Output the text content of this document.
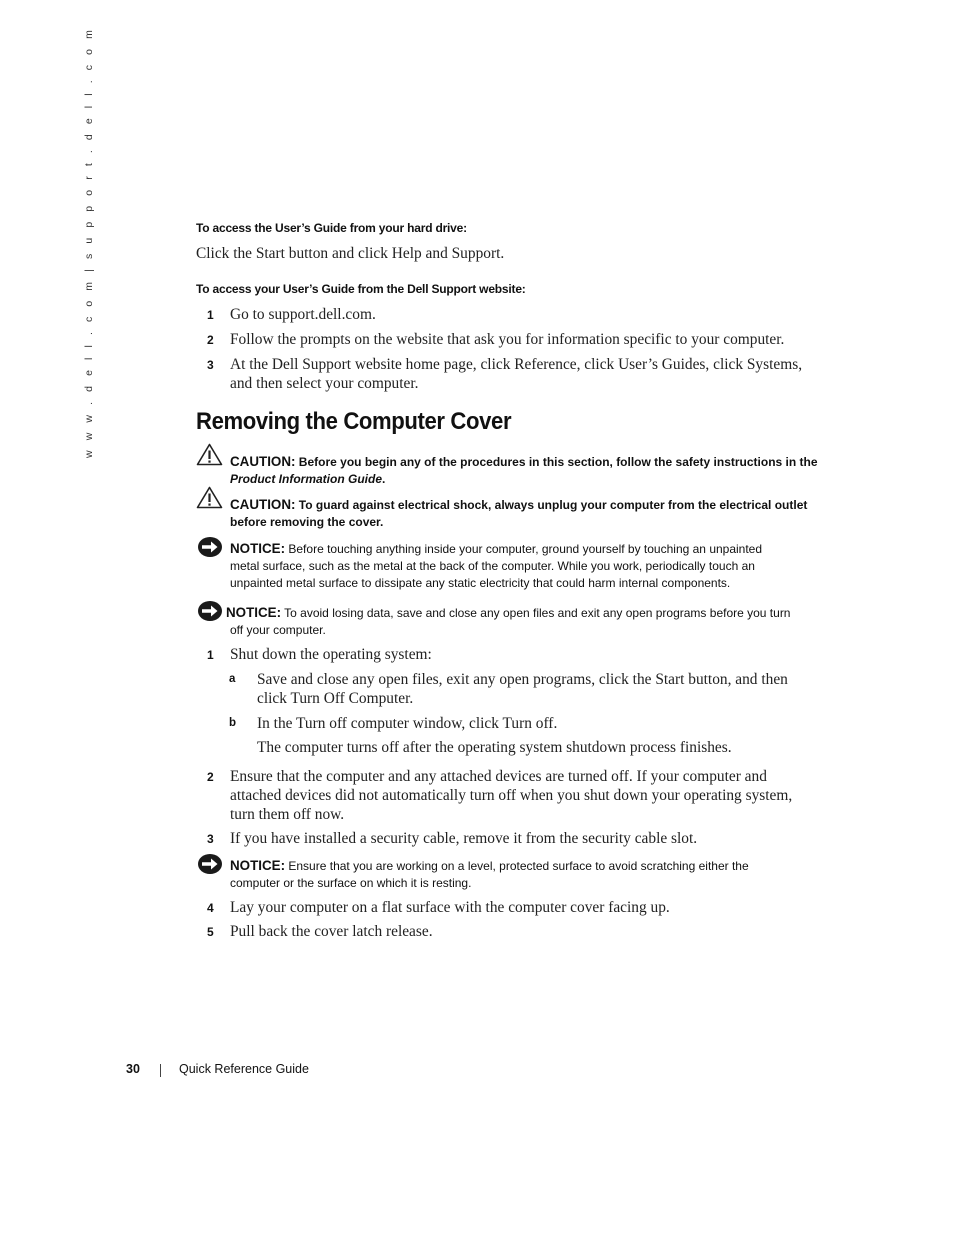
w w w . d e l l . c o m | s u p p o r t . d e l l . c o m	To access the User’s Guide from your hard drive:
Click the Start button and click Help and Support.
To access your User’s Guide from the Dell Support website:
1 Go to support.dell.com.
2 Follow the prompts on the website that ask you for information specific to your computer.
3 At the Dell Support website home page, click Reference, click User’s Guides, click Systems,
and then select your computer.
Removing the Computer Cover
CAUTION: Before you begin any of the procedures in this section, follow the safety instructions in the
Product Information Guide.
CAUTION: To guard against electrical shock, always unplug your computer from the electrical outlet
before removing the cover.
NOTICE: Before touching anything inside your computer, ground yourself by touching an unpainted
metal surface, such as the metal at the back of the computer. While you work, periodically touch an
unpainted metal surface to dissipate any static electricity that could harm internal components.
NOTICE: To avoid losing data, save and close any open files and exit any open programs before you turn
off your computer.
1 Shut down the operating system:
a Save and close any open files, exit any open programs, click the Start button, and then
click Turn Off Computer.
b In the Turn off computer window, click Turn off.
The computer turns off after the operating system shutdown process finishes.
2 Ensure that the computer and any attached devices are turned off. If your computer and
attached devices did not automatically turn off when you shut down your operating system,
turn them off now.
3 If you have installed a security cable, remove it from the security cable slot.
NOTICE: Ensure that you are working on a level, protected surface to avoid scratching either the
computer or the surface on which it is resting.
4 Lay your computer on a flat surface with the computer cover facing up.
5 Pull back the cover latch release.
30	Quick Reference Guide
